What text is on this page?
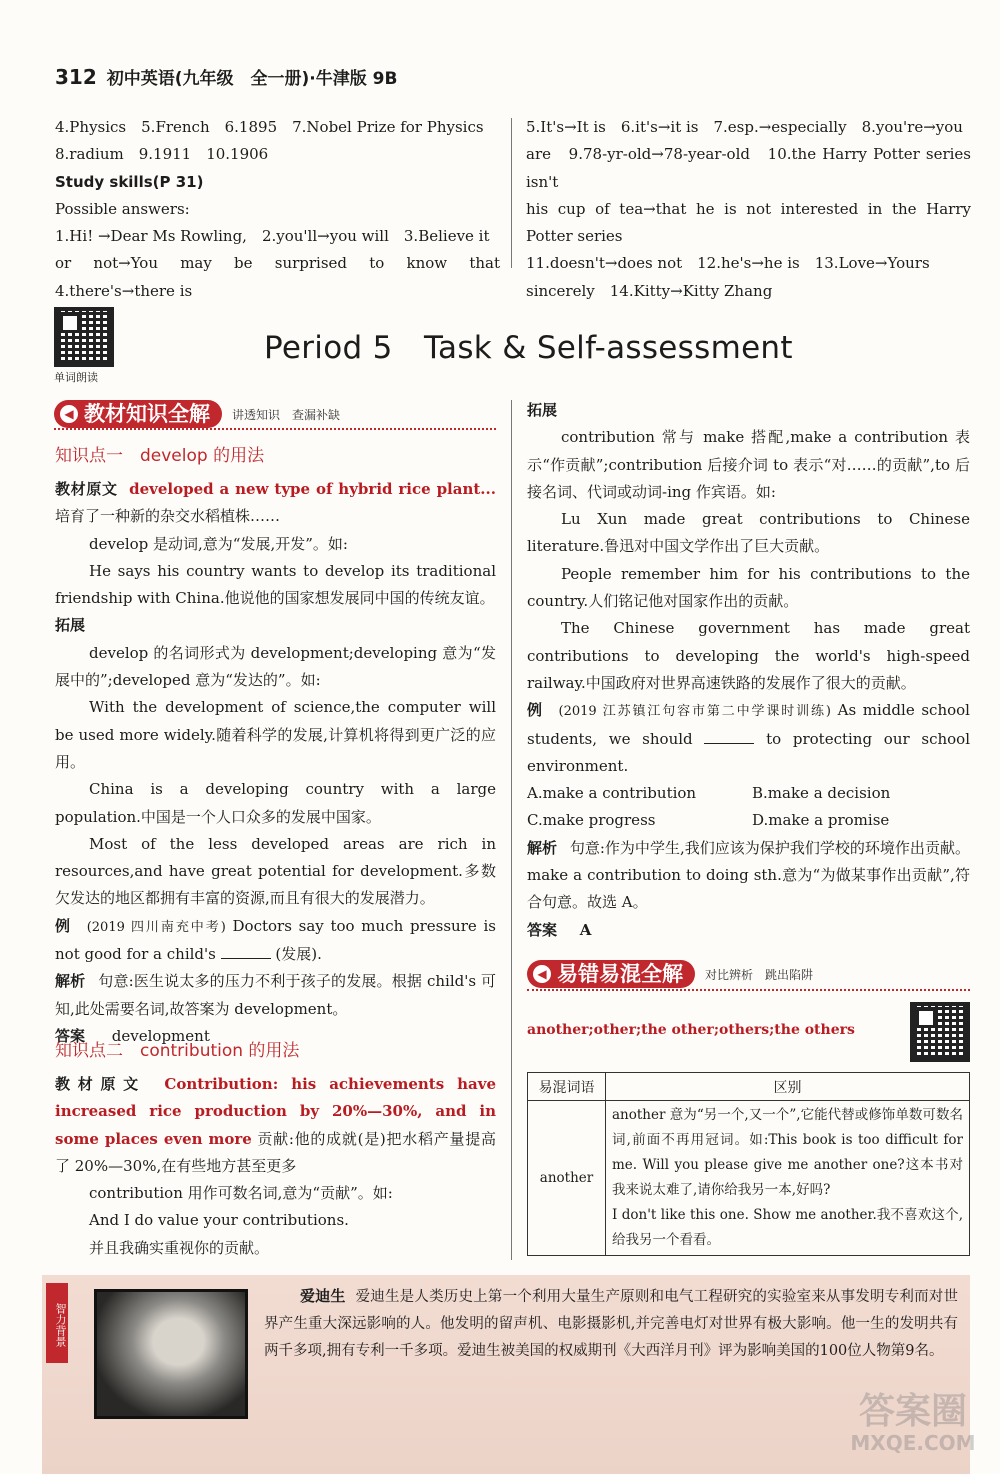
312 初中英语(九年级　全一册)·牛津版 9B
4.Physics　5.French　6.1895　7.Nobel Prize for Physics
8.radium　9.1911　10.1906
Study skills(P 31)
Possible answers:
1.Hi! →Dear Ms Rowling,　2.you'll→you will　3.Believe it
or not→You may be surprised to know that　4.there's→there is
5.It's→It is　6.it's→it is　7.esp.→especially　8.you're→you
are　9.78-yr-old→78-year-old　10.the Harry Potter series isn't
his cup of tea→that he is not interested in the Harry Potter series
11.doesn't→does not　12.he's→he is　13.Love→Yours
sincerely　14.Kitty→Kitty Zhang
单词朗读
Period 5　Task & Self-assessment
◀ 教材知识全解	讲透知识　查漏补缺
知识点一　develop 的用法
教材原文 developed a new type of hybrid rice plant...培育了一种新的杂交水稻植株……
develop 是动词,意为“发展,开发”。如:
He says his country wants to develop its traditional friendship with China.他说他的国家想发展同中国的传统友谊。
拓展
develop 的名词形式为 development;developing 意为“发展中的”;developed 意为“发达的”。如:
With the development of science,the computer will be used more widely.随着科学的发展,计算机将得到更广泛的应用。
China is a developing country with a large population.中国是一个人口众多的发展中国家。
Most of the less developed areas are rich in resources,and have great potential for development.多数欠发达的地区都拥有丰富的资源,而且有很大的发展潜力。
例 (2019 四川南充中考) Doctors say too much pressure is not good for a child's	(发展).
解析 句意:医生说太多的压力不利于孩子的发展。根据 child's 可知,此处需要名词,故答案为 development。
答案 development
知识点二　contribution 的用法
教材原文 Contribution: his achievements have increased rice production by 20%—30%, and in some places even more 贡献:他的成就(是)把水稻产量提高了 20%—30%,在有些地方甚至更多
contribution 用作可数名词,意为“贡献”。如:
And I do value your contributions.
并且我确实重视你的贡献。
拓展
contribution 常与 make 搭配,make a contribution 表示“作贡献”;contribution 后接介词 to 表示“对……的贡献”,to 后接名词、代词或动词-ing 作宾语。如:
Lu Xun made great contributions to Chinese literature.鲁迅对中国文学作出了巨大贡献。
People remember him for his contributions to the country.人们铭记他对国家作出的贡献。
The Chinese government has made great contributions to developing the world's high-speed railway.中国政府对世界高速铁路的发展作了很大的贡献。
例 (2019 江苏镇江句容市第二中学课时训练) As middle school students, we should	to protecting our school environment.
A.make a contribution	B.make a decision
C.make progress	D.make a promise
解析 句意:作为中学生,我们应该为保护我们学校的环境作出贡献。make a contribution to doing sth.意为“为做某事作出贡献”,符合句意。故选 A。
答案 A
◀ 易错易混全解	对比辨析　跳出陷阱
another;other;the other;others;the others
易混词语	区别
another	another 意为“另一个,又一个”,它能代替或修饰单数可数名词,前面不再用冠词。如:This book is too difficult for me. Will you please give me another one?这本书对我来说太难了,请你给我另一本,好吗?
I don't like this one. Show me another.我不喜欢这个,给我另一个看看。
智力背景
爱迪生 爱迪生是人类历史上第一个利用大量生产原则和电气工程研究的实验室来从事发明专利而对世界产生重大深远影响的人。他发明的留声机、电影摄影机,并完善电灯对世界有极大影响。他一生的发明共有两千多项,拥有专利一千多项。爱迪生被美国的权威期刊《大西洋月刊》评为影响美国的100位人物第9名。
答案圈
MXQE.COM
